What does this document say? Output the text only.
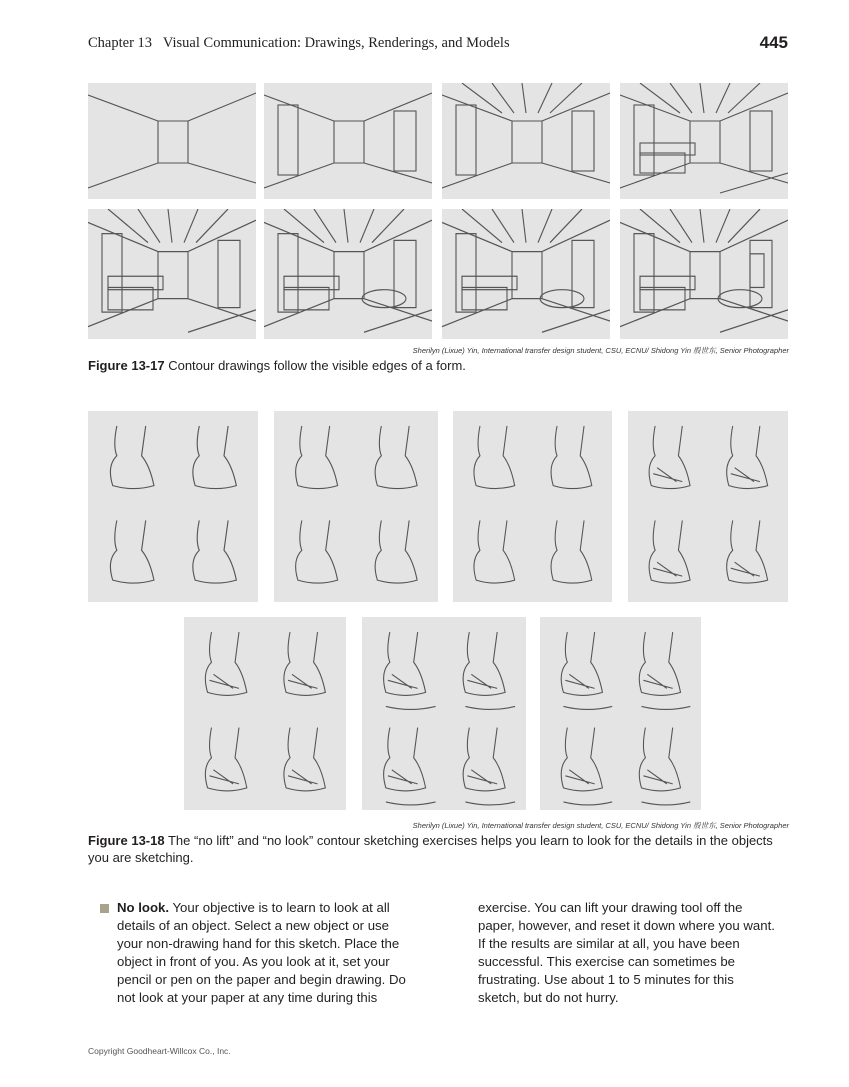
Chapter 13 Visual Communication: Drawings, Renderings, and Models	445
Sherilyn (Lixue) Yin, International transfer design student, CSU, ECNU/ Shidong Yin 殷世东, Senior Photographer
Figure 13-17 Contour drawings follow the visible edges of a form.
Sherilyn (Lixue) Yin, International transfer design student, CSU, ECNU/ Shidong Yin 殷世东, Senior Photographer
Figure 13-18 The “no lift” and “no look” contour sketching exercises helps you learn to look for the details in the objects you are sketching.
No look. Your objective is to learn to look at all details of an object. Select a new object or use your non-drawing hand for this sketch. Place the object in front of you. As you look at it, set your pencil or pen on the paper and begin drawing. Do not look at your paper at any time during this
exercise. You can lift your drawing tool off the paper, however, and reset it down where you want. If the results are similar at all, you have been successful. This exercise can sometimes be frustrating. Use about 1 to 5 minutes for this sketch, but do not hurry.
Copyright Goodheart-Willcox Co., Inc.
